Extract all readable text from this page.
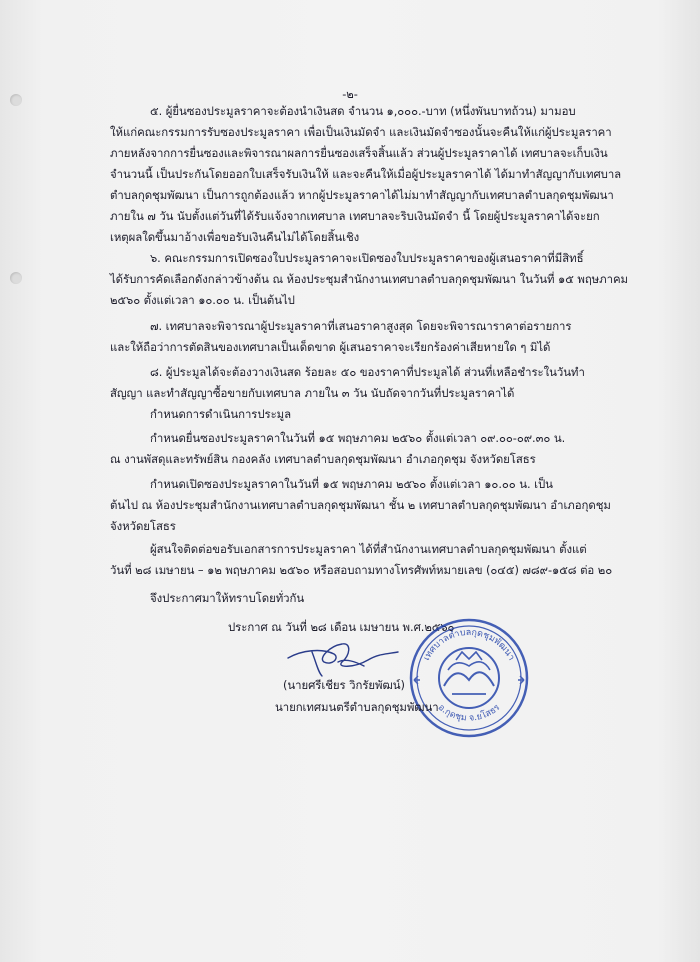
-๒-
๕. ผู้ยื่นซองประมูลราคาจะต้องนำเงินสด จำนวน ๑,๐๐๐.-บาท (หนึ่งพันบาทถ้วน) มามอบ
ให้แก่คณะกรรมการรับซองประมูลราคา เพื่อเป็นเงินมัดจำ และเงินมัดจำซองนั้นจะคืนให้แก่ผู้ประมูลราคา
ภายหลังจากการยื่นซองและพิจารณาผลการยื่นซองเสร็จสิ้นแล้ว ส่วนผู้ประมูลราคาได้ เทศบาลจะเก็บเงิน
จำนวนนี้ เป็นประกันโดยออกใบเสร็จรับเงินให้ และจะคืนให้เมื่อผู้ประมูลราคาได้ ได้มาทำสัญญากับเทศบาล
ตำบลกุดชุมพัฒนา เป็นการถูกต้องแล้ว หากผู้ประมูลราคาได้ไม่มาทำสัญญากับเทศบาลตำบลกุดชุมพัฒนา
ภายใน ๗ วัน นับตั้งแต่วันที่ได้รับแจ้งจากเทศบาล เทศบาลจะริบเงินมัดจำ นี้ โดยผู้ประมูลราคาได้จะยก
เหตุผลใดขึ้นมาอ้างเพื่อขอรับเงินคืนไม่ได้โดยสิ้นเชิง
๖. คณะกรรมการเปิดซองใบประมูลราคาจะเปิดซองใบประมูลราคาของผู้เสนอราคาที่มีสิทธิ์
ได้รับการคัดเลือกดังกล่าวข้างต้น ณ ห้องประชุมสำนักงานเทศบาลตำบลกุดชุมพัฒนา ในวันที่ ๑๕ พฤษภาคม
๒๕๖๐ ตั้งแต่เวลา ๑๐.๐๐ น. เป็นต้นไป
๗. เทศบาลจะพิจารณาผู้ประมูลราคาที่เสนอราคาสูงสุด โดยจะพิจารณาราคาต่อรายการ
และให้ถือว่าการตัดสินของเทศบาลเป็นเด็ดขาด ผู้เสนอราคาจะเรียกร้องค่าเสียหายใด ๆ มิได้
๘. ผู้ประมูลได้จะต้องวางเงินสด ร้อยละ ๕๐ ของราคาที่ประมูลได้ ส่วนที่เหลือชำระในวันทำ
สัญญา และทำสัญญาซื้อขายกับเทศบาล ภายใน ๓ วัน นับถัดจากวันที่ประมูลราคาได้
กำหนดการดำเนินการประมูล
กำหนดยื่นซองประมูลราคาในวันที่ ๑๕ พฤษภาคม ๒๕๖๐ ตั้งแต่เวลา ๐๙.๐๐-๐๙.๓๐ น.
ณ งานพัสดุและทรัพย์สิน กองคลัง เทศบาลตำบลกุดชุมพัฒนา อำเภอกุดชุม จังหวัดยโสธร
กำหนดเปิดซองประมูลราคาในวันที่ ๑๕ พฤษภาคม ๒๕๖๐ ตั้งแต่เวลา ๑๐.๐๐ น. เป็น
ต้นไป ณ ห้องประชุมสำนักงานเทศบาลตำบลกุดชุมพัฒนา ชั้น ๒ เทศบาลตำบลกุดชุมพัฒนา อำเภอกุดชุม
จังหวัดยโสธร
ผู้สนใจติดต่อขอรับเอกสารการประมูลราคา ได้ที่สำนักงานเทศบาลตำบลกุดชุมพัฒนา ตั้งแต่
วันที่ ๒๘ เมษายน – ๑๒ พฤษภาคม ๒๕๖๐ หรือสอบถามทางโทรศัพท์หมายเลข (๐๔๕) ๗๘๙-๑๕๘ ต่อ ๒๐
จึงประกาศมาให้ทราบโดยทั่วกัน
ประกาศ ณ วันที่ ๒๘ เดือน เมษายน พ.ศ.๒๕๖๐
เทศบาลตำบลกุดชุมพัฒนา
อ.กุดชุม จ.ยโสธร
(นายศรีเชียร วิกรัยพัฒน์)
นายกเทศมนตรีตำบลกุดชุมพัฒนา
